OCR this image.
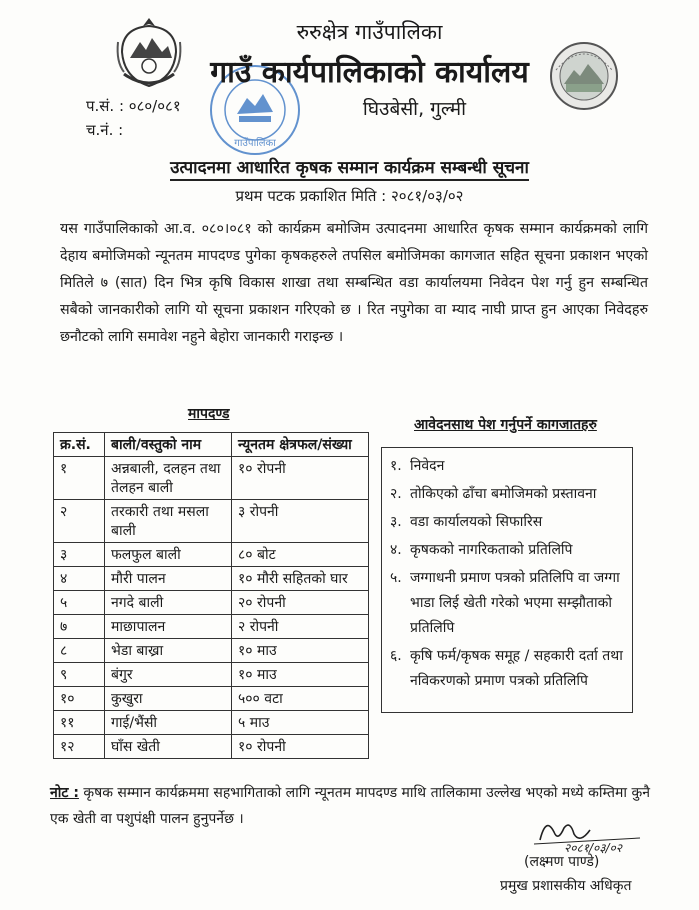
गाउँपालिका
रुरुक्षेत्र गाउँपालिका
गाउँ कार्यपालिकाको कार्यालय
घिउबेसी, गुल्मी
प.सं. : ०८०/०८१
च.नं. :
उत्पादनमा आधारित कृषक सम्मान कार्यक्रम सम्बन्धी सूचना
प्रथम पटक प्रकाशित मिति : २०८१/०३/०२
यस गाउँपालिकाको आ.व. ०८०।०८१ को कार्यक्रम बमोजिम उत्पादनमा आधारित कृषक सम्मान कार्यक्रमको लागि देहाय बमोजिमको न्यूनतम मापदण्ड पुगेका कृषकहरुले तपसिल बमोजिमका कागजात सहित सूचना प्रकाशन भएको मितिले ७ (सात) दिन भित्र कृषि विकास शाखा तथा सम्बन्धित वडा कार्यालयमा निवेदन पेश गर्नु हुन सम्बन्धित सबैको जानकारीको लागि यो सूचना प्रकाशन गरिएको छ । रित नपुगेका वा म्याद नाघी प्राप्त हुन आएका निवेदहरु छनौटको लागि समावेश नहुने बेहोरा जानकारी गराइन्छ ।
मापदण्ड
क्र.सं.	बाली/वस्तुको नाम	न्यूनतम क्षेत्रफल/संख्या
१	अन्नबाली, दलहन तथा तेलहन बाली	१० रोपनी
२	तरकारी तथा मसला बाली	३ रोपनी
३	फलफुल बाली	८० बोट
४	मौरी पालन	१० मौरी सहितको घार
५	नगदे बाली	२० रोपनी
७	माछापालन	२ रोपनी
८	भेडा बाख्रा	१० माउ
९	बंगुर	१० माउ
१०	कुखुरा	५०० वटा
११	गाई/भैंसी	५ माउ
१२	घाँस खेती	१० रोपनी
आवेदनसाथ पेश गर्नुपर्ने कागजातहरु
१. निवेदन
२. तोकिएको ढाँचा बमोजिमको प्रस्तावना
३. वडा कार्यालयको सिफारिस
४. कृषकको नागरिकताको प्रतिलिपि
५. जग्गाधनी प्रमाण पत्रको प्रतिलिपि वा जग्गा भाडा लिई खेती गरेको भएमा सम्झौताको प्रतिलिपि
६. कृषि फर्म/कृषक समूह / सहकारी दर्ता तथा नविकरणको प्रमाण पत्रको प्रतिलिपि
नोट : कृषक सम्मान कार्यक्रममा सहभागिताको लागि न्यूनतम मापदण्ड माथि तालिकामा उल्लेख भएको मध्ये कम्तिमा कुनै एक खेती वा पशुपंक्षी पालन हुनुपर्नेछ ।
२०८१/०३/०२
(लक्ष्मण पाण्डे)
प्रमुख प्रशासकीय अधिकृत
